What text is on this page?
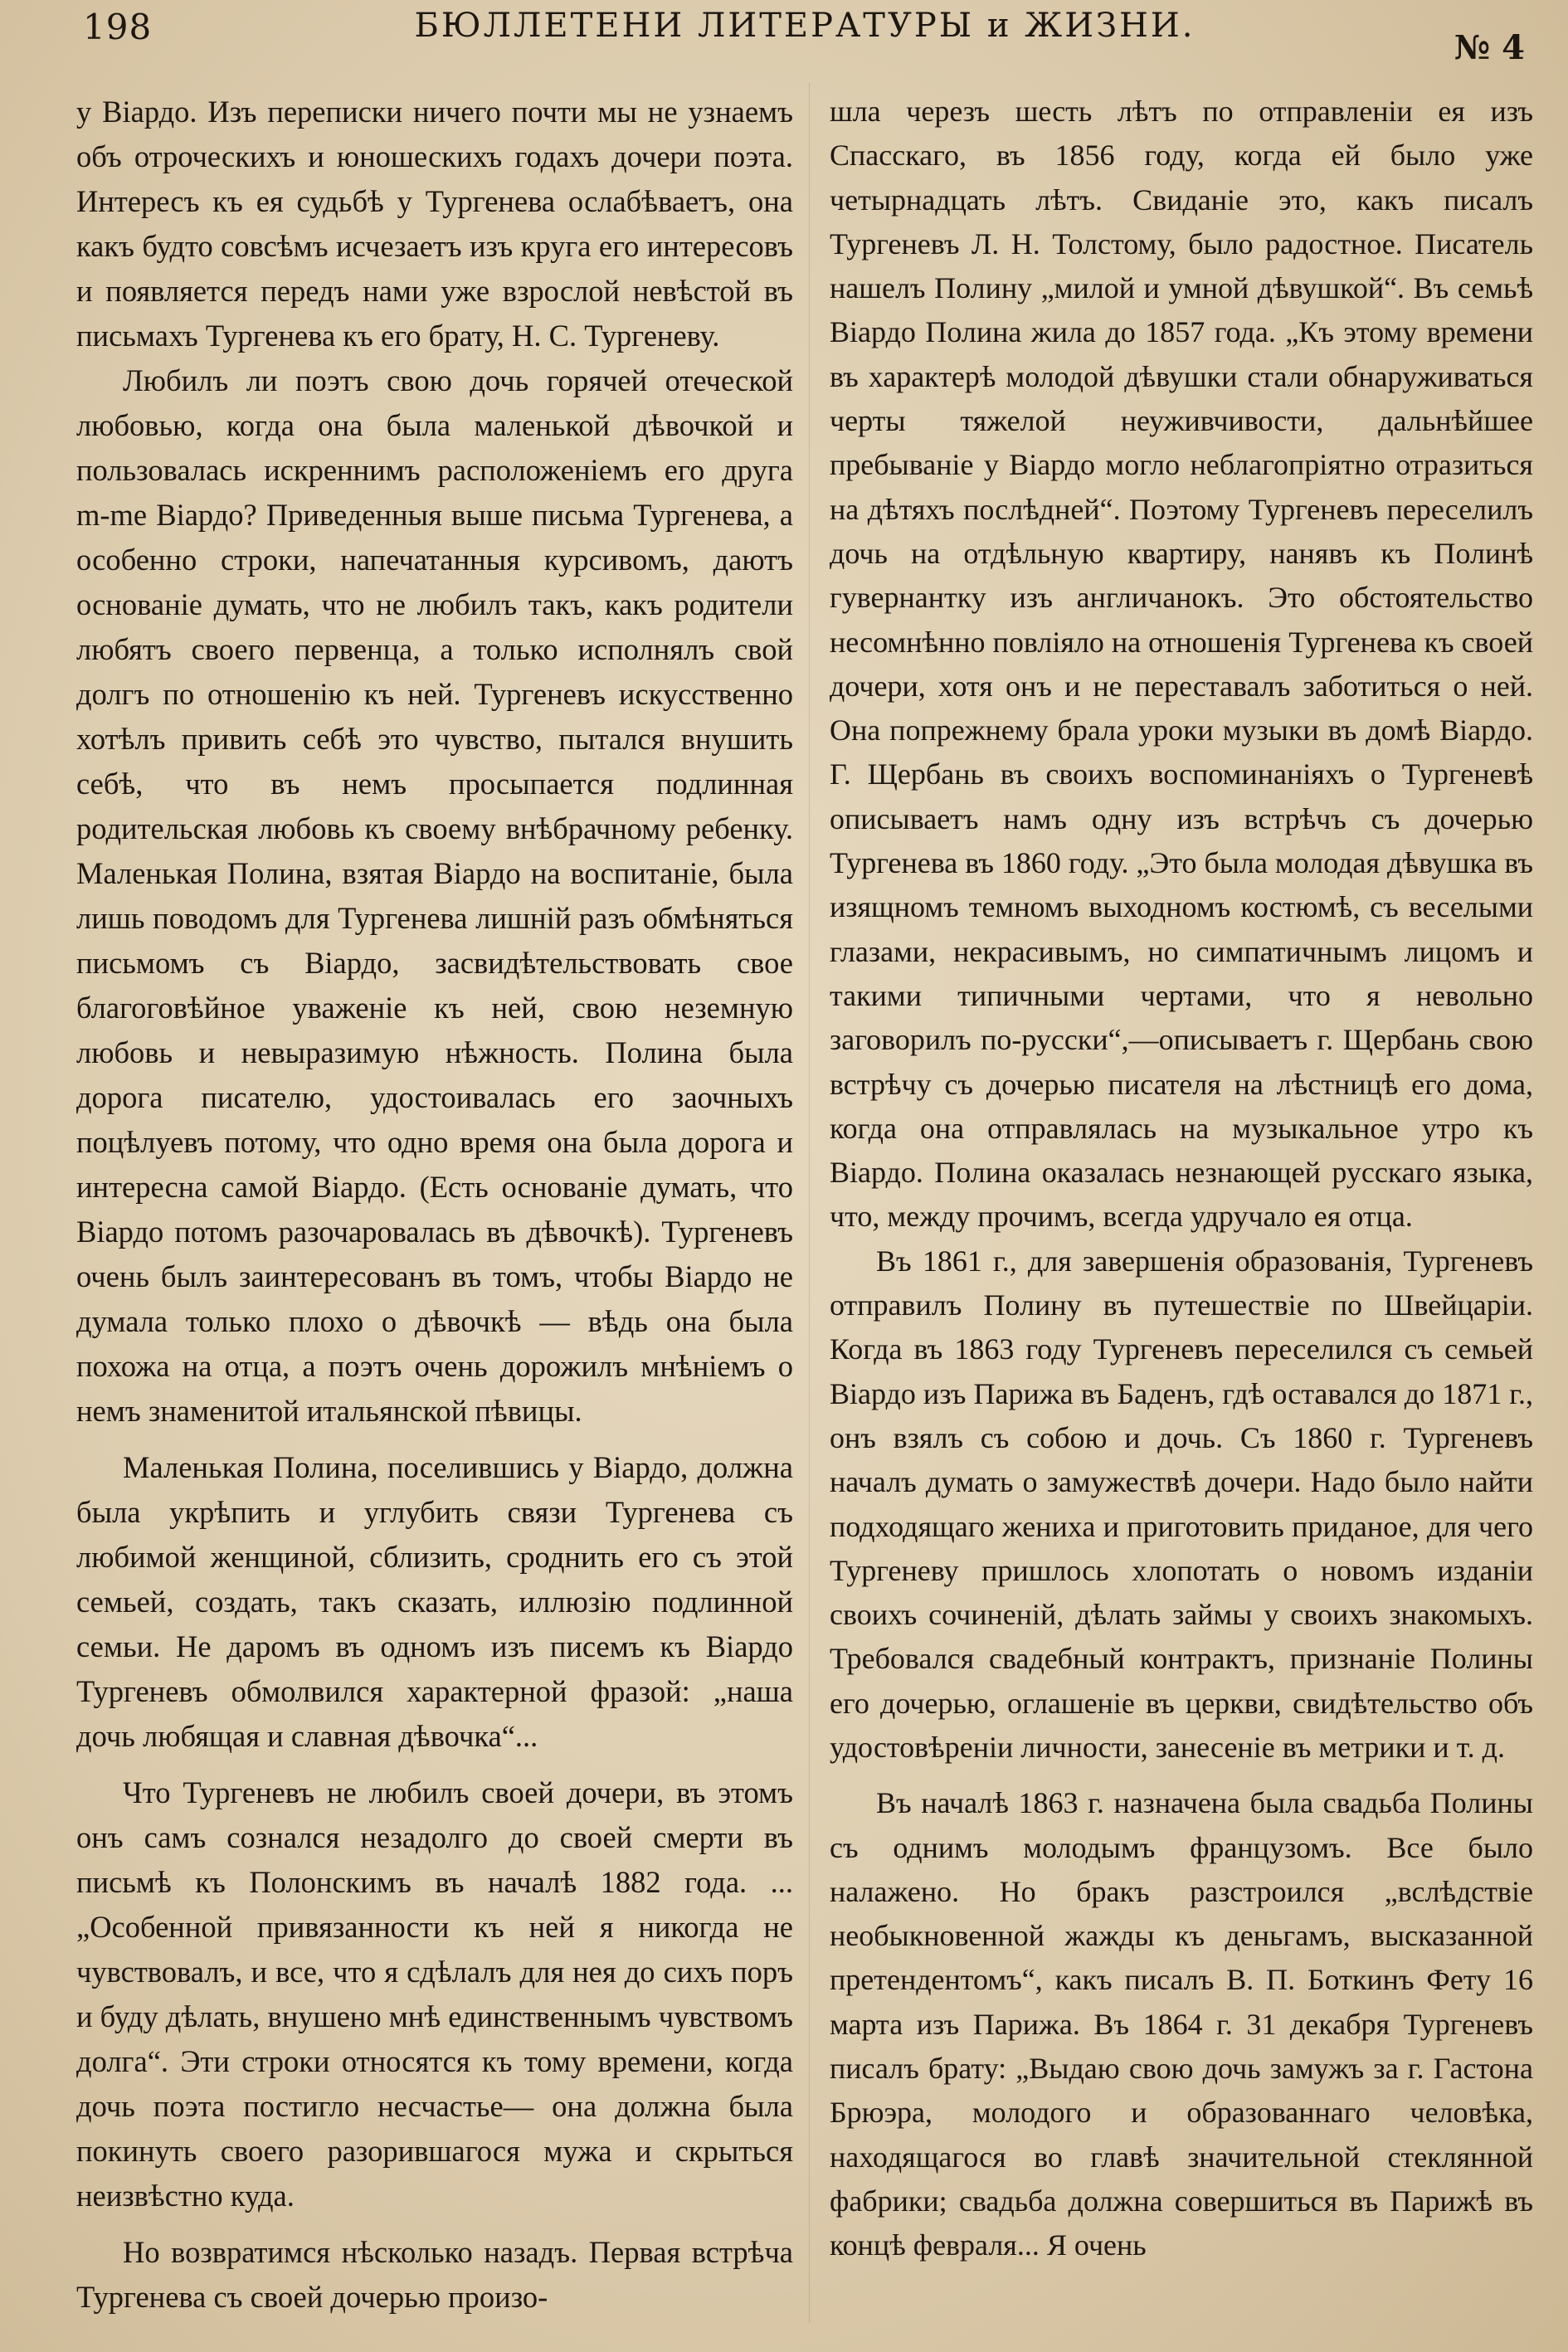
198	БЮЛЛЕТЕНИ ЛИТЕРАТУРЫ и ЖИЗНИ.
№ 4

у Віардо. Изъ переписки ничего почти мы не узнаемъ объ отроческихъ и юношескихъ годахъ дочери поэта. Интересъ къ ея судьбѣ у Тургенева ослабѣваетъ, она какъ будто совсѣмъ исчезаетъ изъ круга его интересовъ и появляется передъ нами уже взрослой невѣстой въ письмахъ Тургенева къ его брату, Н. С. Тургеневу.

Любилъ ли поэтъ свою дочь горячей отеческой любовью, когда она была маленькой дѣвочкой и пользовалась искреннимъ расположеніемъ его друга m-me Віардо? Приведенныя выше письма Тургенева, а особенно строки, напечатанныя курсивомъ, даютъ основаніе думать, что не любилъ такъ, какъ родители любятъ своего первенца, а только исполнялъ свой долгъ по отношенію къ ней. Тургеневъ искусственно хотѣлъ привить себѣ это чувство, пытался внушить себѣ, что въ немъ просыпается подлинная родительская любовь къ своему внѣбрачному ребенку. Маленькая Полина, взятая Віардо на воспитаніе, была лишь поводомъ для Тургенева лишній разъ обмѣняться письмомъ съ Віардо, засвидѣтельствовать свое благоговѣйное уваженіе къ ней, свою неземную любовь и невыразимую нѣжность. Полина была дорога писателю, удостоивалась его заочныхъ поцѣлуевъ потому, что одно время она была дорога и интересна самой Віардо. (Есть основаніе думать, что Віардо потомъ разочаровалась въ дѣвочкѣ). Тургеневъ очень былъ заинтересованъ въ томъ, чтобы Віардо не думала только плохо о дѣвочкѣ — вѣдь она была похожа на отца, а поэтъ очень дорожилъ мнѣніемъ о немъ знаменитой итальянской пѣвицы.

Маленькая Полина, поселившись у Віардо, должна была укрѣпить и углубить связи Тургенева съ любимой женщиной, сблизить, сроднить его съ этой семьей, создать, такъ сказать, иллюзію подлинной семьи. Не даромъ въ одномъ изъ писемъ къ Віардо Тургеневъ обмолвился характерной фразой: „наша дочь любящая и славная дѣвочка“...

Что Тургеневъ не любилъ своей дочери, въ этомъ онъ самъ сознался незадолго до своей смерти въ письмѣ къ Полонскимъ въ началѣ 1882 года. ...„Особенной привязанности къ ней я никогда не чувствовалъ, и все, что я сдѣлалъ для нея до сихъ поръ и буду дѣлать, внушено мнѣ единственнымъ чувствомъ долга“. Эти строки относятся къ тому времени, когда дочь поэта постигло несчастье— она должна была покинуть своего разорившагося мужа и скрыться неизвѣстно куда.

Но возвратимся нѣсколько назадъ. Первая встрѣча Тургенева съ своей дочерью произо-

шла черезъ шесть лѣтъ по отправленіи ея изъ Спасскаго, въ 1856 году, когда ей было уже четырнадцать лѣтъ. Свиданіе это, какъ писалъ Тургеневъ Л. Н. Толстому, было радостное. Писатель нашелъ Полину „милой и умной дѣвушкой“. Въ семьѣ Віардо Полина жила до 1857 года. „Къ этому времени въ характерѣ молодой дѣвушки стали обнаруживаться черты тяжелой неуживчивости, дальнѣйшее пребываніе у Віардо могло неблагопріятно отразиться на дѣтяхъ послѣдней“. Поэтому Тургеневъ переселилъ дочь на отдѣльную квартиру, нанявъ къ Полинѣ гувернантку изъ англичанокъ. Это обстоятельство несомнѣнно повліяло на отношенія Тургенева къ своей дочери, хотя онъ и не переставалъ заботиться о ней. Она попрежнему брала уроки музыки въ домѣ Віардо. Г. Щербань въ своихъ воспоминаніяхъ о Тургеневѣ описываетъ намъ одну изъ встрѣчъ съ дочерью Тургенева въ 1860 году. „Это была молодая дѣвушка въ изящномъ темномъ выходномъ костюмѣ, съ веселыми глазами, некрасивымъ, но симпатичнымъ лицомъ и такими типичными чертами, что я невольно заговорилъ по-русски“,—описываетъ г. Щербань свою встрѣчу съ дочерью писателя на лѣстницѣ его дома, когда она отправлялась на музыкальное утро къ Віардо. Полина оказалась незнающей русскаго языка, что, между прочимъ, всегда удручало ея отца.

Въ 1861 г., для завершенія образованія, Тургеневъ отправилъ Полину въ путешествіе по Швейцаріи. Когда въ 1863 году Тургеневъ переселился съ семьей Віардо изъ Парижа въ Баденъ, гдѣ оставался до 1871 г., онъ взялъ съ собою и дочь. Съ 1860 г. Тургеневъ началъ думать о замужествѣ дочери. Надо было найти подходящаго жениха и приготовить приданое, для чего Тургеневу пришлось хлопотать о новомъ изданіи своихъ сочиненій, дѣлать займы у своихъ знакомыхъ. Требовался свадебный контрактъ, признаніе Полины его дочерью, оглашеніе въ церкви, свидѣтельство объ удостовѣреніи личности, занесеніе въ метрики и т. д.

Въ началѣ 1863 г. назначена была свадьба Полины съ однимъ молодымъ французомъ. Все было налажено. Но бракъ разстроился „вслѣдствіе необыкновенной жажды къ деньгамъ, высказанной претендентомъ“, какъ писалъ В. П. Боткинъ Фету 16 марта изъ Парижа. Въ 1864 г. 31 декабря Тургеневъ писалъ брату: „Выдаю свою дочь замужъ за г. Гастона Брюэра, молодого и образованнаго человѣка, находящагося во главѣ значительной стеклянной фабрики; свадьба должна совершиться въ Парижѣ въ концѣ февраля... Я очень
